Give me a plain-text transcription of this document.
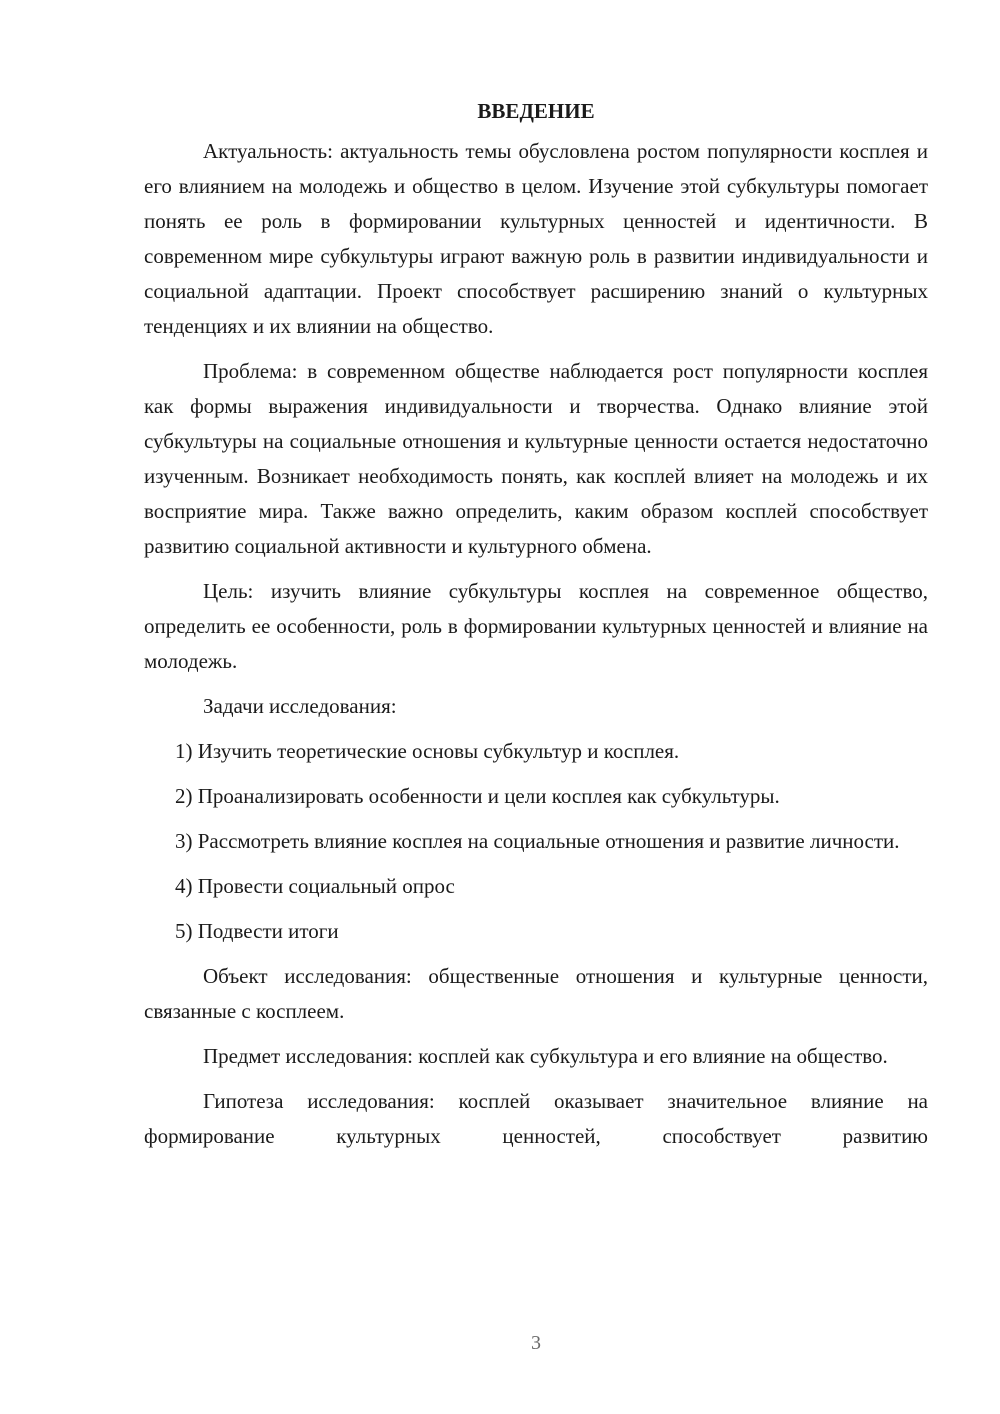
ВВЕДЕНИЕ

Актуальность: актуальность темы обусловлена ростом популярности косплея и его влиянием на молодежь и общество в целом. Изучение этой субкультуры помогает понять ее роль в формировании культурных ценностей и идентичности. В современном мире субкультуры играют важную роль в развитии индивидуальности и социальной адаптации. Проект способствует расширению знаний о культурных тенденциях и их влиянии на общество.

Проблема: в современном обществе наблюдается рост популярности косплея как формы выражения индивидуальности и творчества. Однако влияние этой субкультуры на социальные отношения и культурные ценности остается недостаточно изученным. Возникает необходимость понять, как косплей влияет на молодежь и их восприятие мира. Также важно определить, каким образом косплей способствует развитию социальной активности и культурного обмена.

Цель: изучить влияние субкультуры косплея на современное общество, определить ее особенности, роль в формировании культурных ценностей и влияние на молодежь.

Задачи исследования:

1) Изучить теоретические основы субкультур и косплея.

2) Проанализировать особенности и цели косплея как субкультуры.

3) Рассмотреть влияние косплея на социальные отношения и развитие личности.

4) Провести социальный опрос

5) Подвести итоги

Объект исследования: общественные отношения и культурные ценности, связанные с косплеем.

Предмет исследования: косплей как субкультура и его влияние на общество.

Гипотеза исследования: косплей оказывает значительное влияние на формирование культурных ценностей, способствует развитию

3
